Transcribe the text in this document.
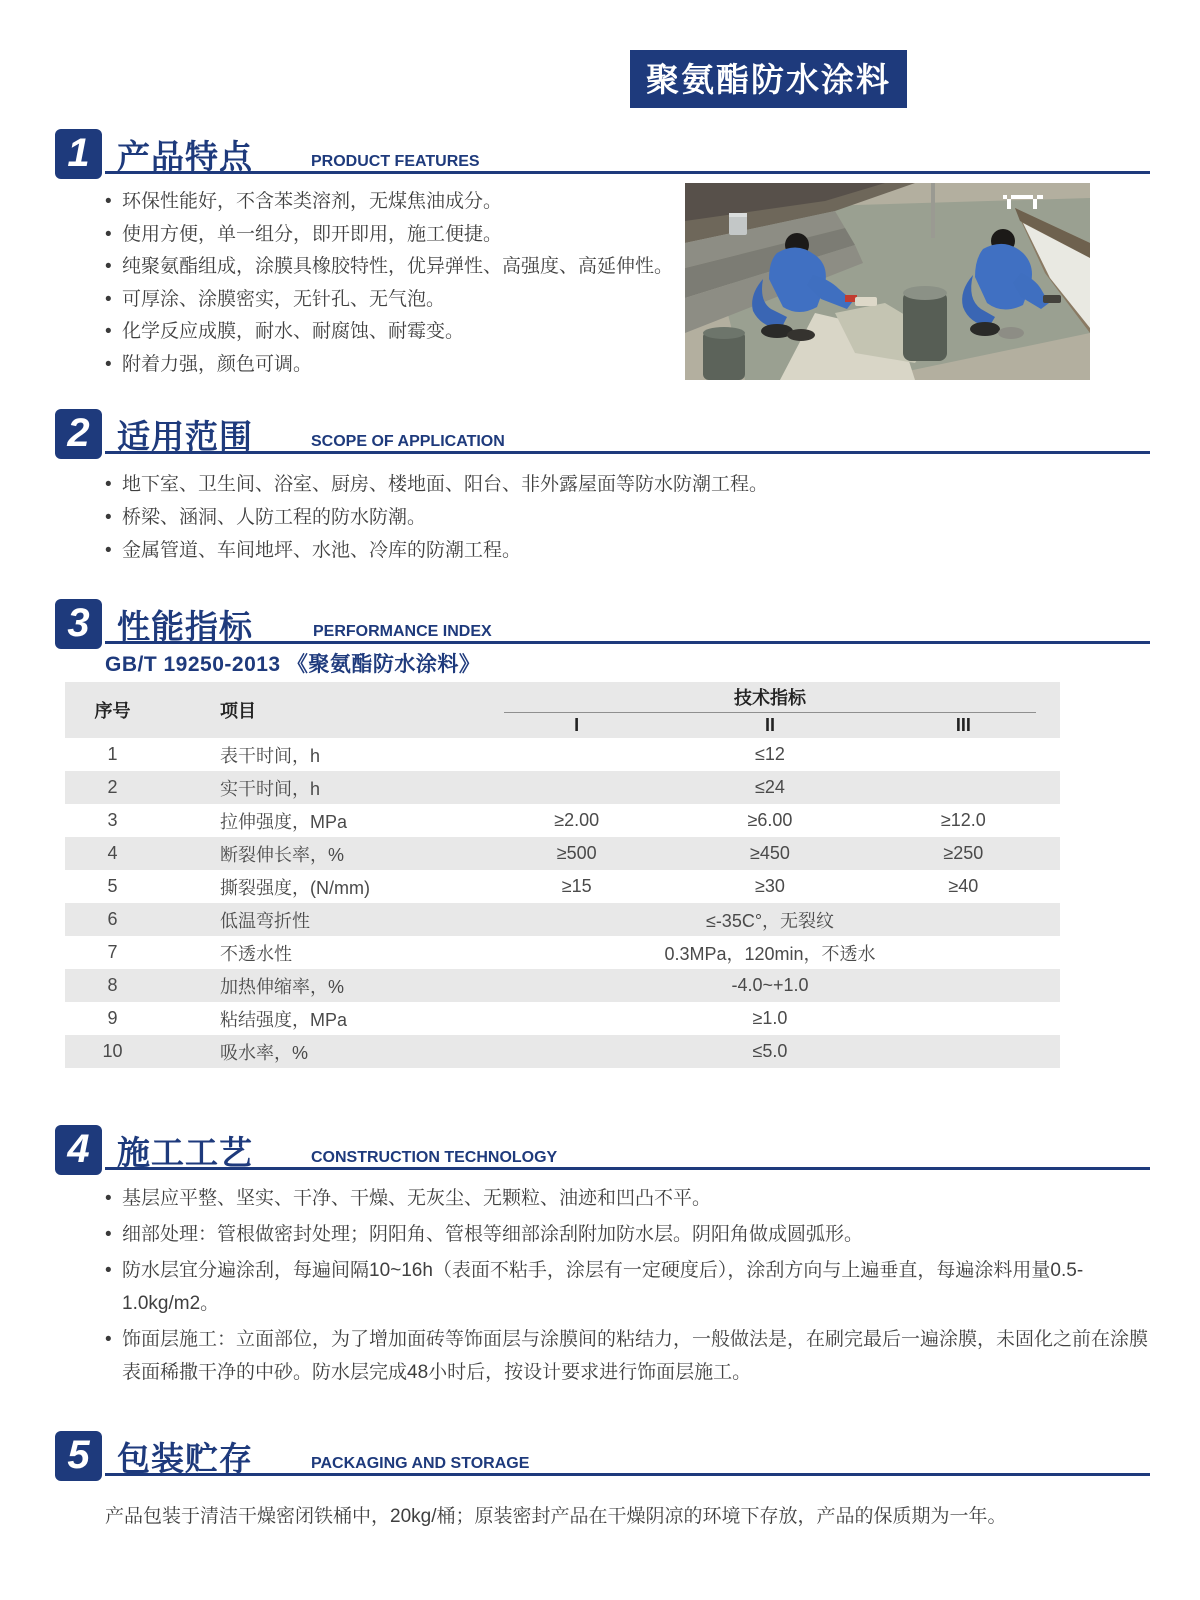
聚氨酯防水涂料
1 产品特点	PRODUCT FEATURES
• 环保性能好，不含苯类溶剂，无煤焦油成分。
• 使用方便，单一组分，即开即用，施工便捷。
• 纯聚氨酯组成，涂膜具橡胶特性，优异弹性、高强度、高延伸性。
• 可厚涂、涂膜密实，无针孔、无气泡。
• 化学反应成膜，耐水、耐腐蚀、耐霉变。
• 附着力强，颜色可调。
2 适用范围	SCOPE OF APPLICATION
• 地下室、卫生间、浴室、厨房、楼地面、阳台、非外露屋面等防水防潮工程。
• 桥梁、涵洞、人防工程的防水防潮。
• 金属管道、车间地坪、水池、冷库的防潮工程。
3 性能指标	PERFORMANCE INDEX
GB/T 19250-2013 《聚氨酯防水涂料》
序号	项目
技术指标
I	II	III
1	表干时间，h	≤12
2	实干时间，h	≤24
3	拉伸强度，MPa	≥2.00	≥6.00	≥12.0
4	断裂伸长率，%	≥500	≥450	≥250
5	撕裂强度，(N/mm)	≥15	≥30	≥40
6	低温弯折性	≤-35C°，无裂纹
7	不透水性	0.3MPa，120min，不透水
8	加热伸缩率，%	-4.0~+1.0
9	粘结强度，MPa	≥1.0
10	吸水率，%	≤5.0
4 施工工艺	CONSTRUCTION TECHNOLOGY
• 基层应平整、坚实、干净、干燥、无灰尘、无颗粒、油迹和凹凸不平。
• 细部处理：管根做密封处理；阴阳角、管根等细部涂刮附加防水层。阴阳角做成圆弧形。
• 防水层宜分遍涂刮，每遍间隔10~16h（表面不粘手，涂层有一定硬度后），涂刮方向与上遍垂直，每遍涂料用量0.5-1.0kg/m2。
• 饰面层施工：立面部位，为了增加面砖等饰面层与涂膜间的粘结力，一般做法是，在刷完最后一遍涂膜，未固化之前在涂膜表面稀撒干净的中砂。防水层完成48小时后，按设计要求进行饰面层施工。
5 包装贮存	PACKAGING AND STORAGE
产品包装于清洁干燥密闭铁桶中，20kg/桶；原装密封产品在干燥阴凉的环境下存放，产品的保质期为一年。
